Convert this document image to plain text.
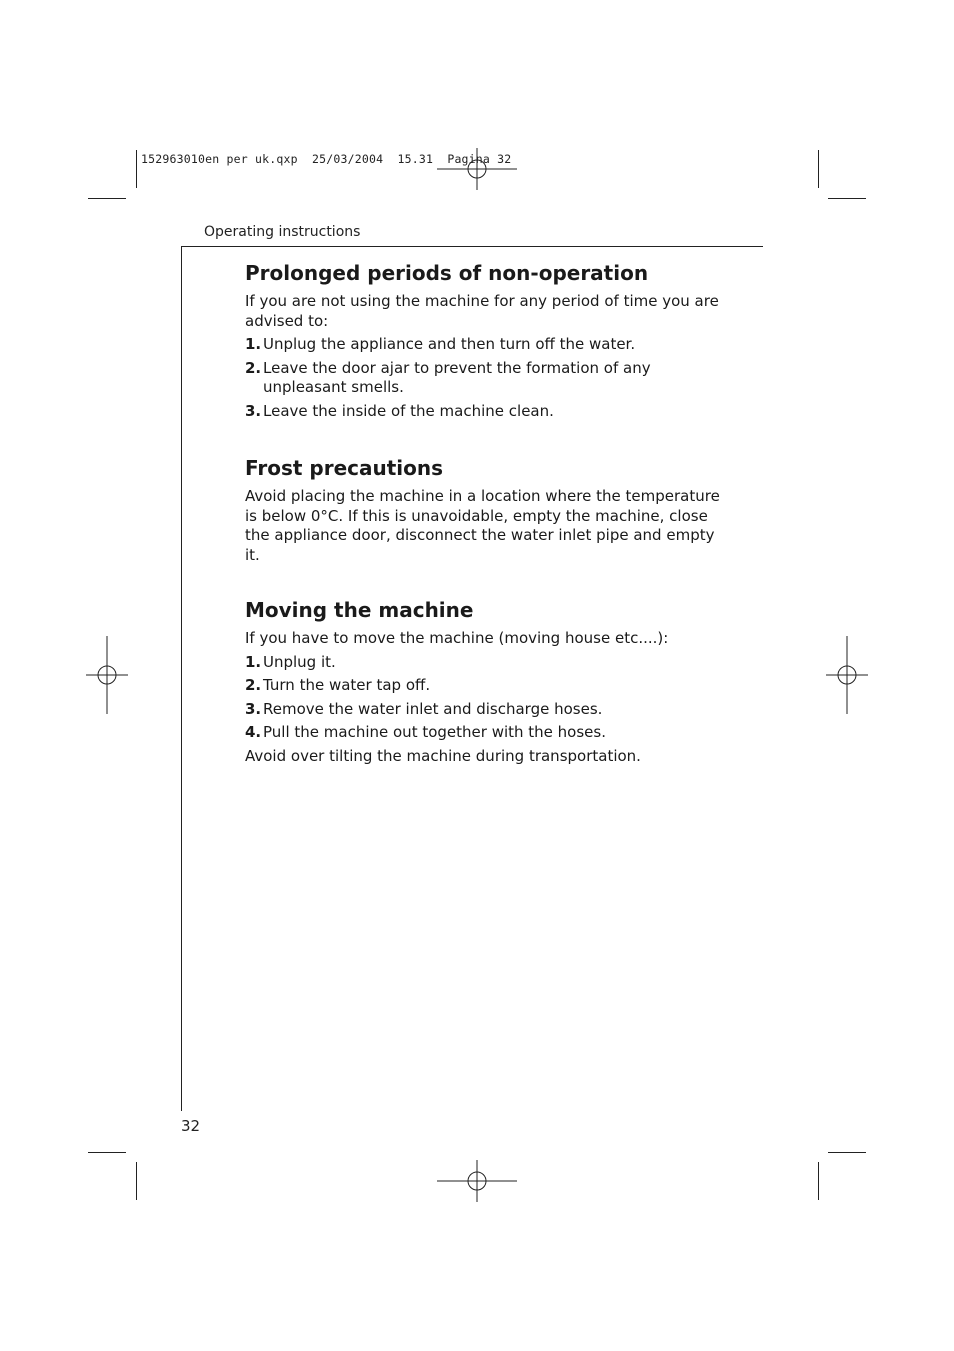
152963010en per uk.qxp  25/03/2004  15.31  Pagina 32
Operating instructions
Prolonged periods of non-operation

If you are not using the machine for any period of time you are advised to:

1. Unplug the appliance and then turn off the water.
2. Leave the door ajar to prevent the formation of any unpleasant smells.
3. Leave the inside of the machine clean.
Frost precautions

Avoid placing the machine in a location where the temperature is below 0°C. If this is unavoidable, empty the machine, close the appliance door, disconnect the water inlet pipe and empty it.

Moving the machine

If you have to move the machine (moving house etc....):

1. Unplug it.
2. Turn the water tap off.
3. Remove the water inlet and discharge hoses.
4. Pull the machine out together with the hoses.

Avoid over tilting the machine during transportation.

32
